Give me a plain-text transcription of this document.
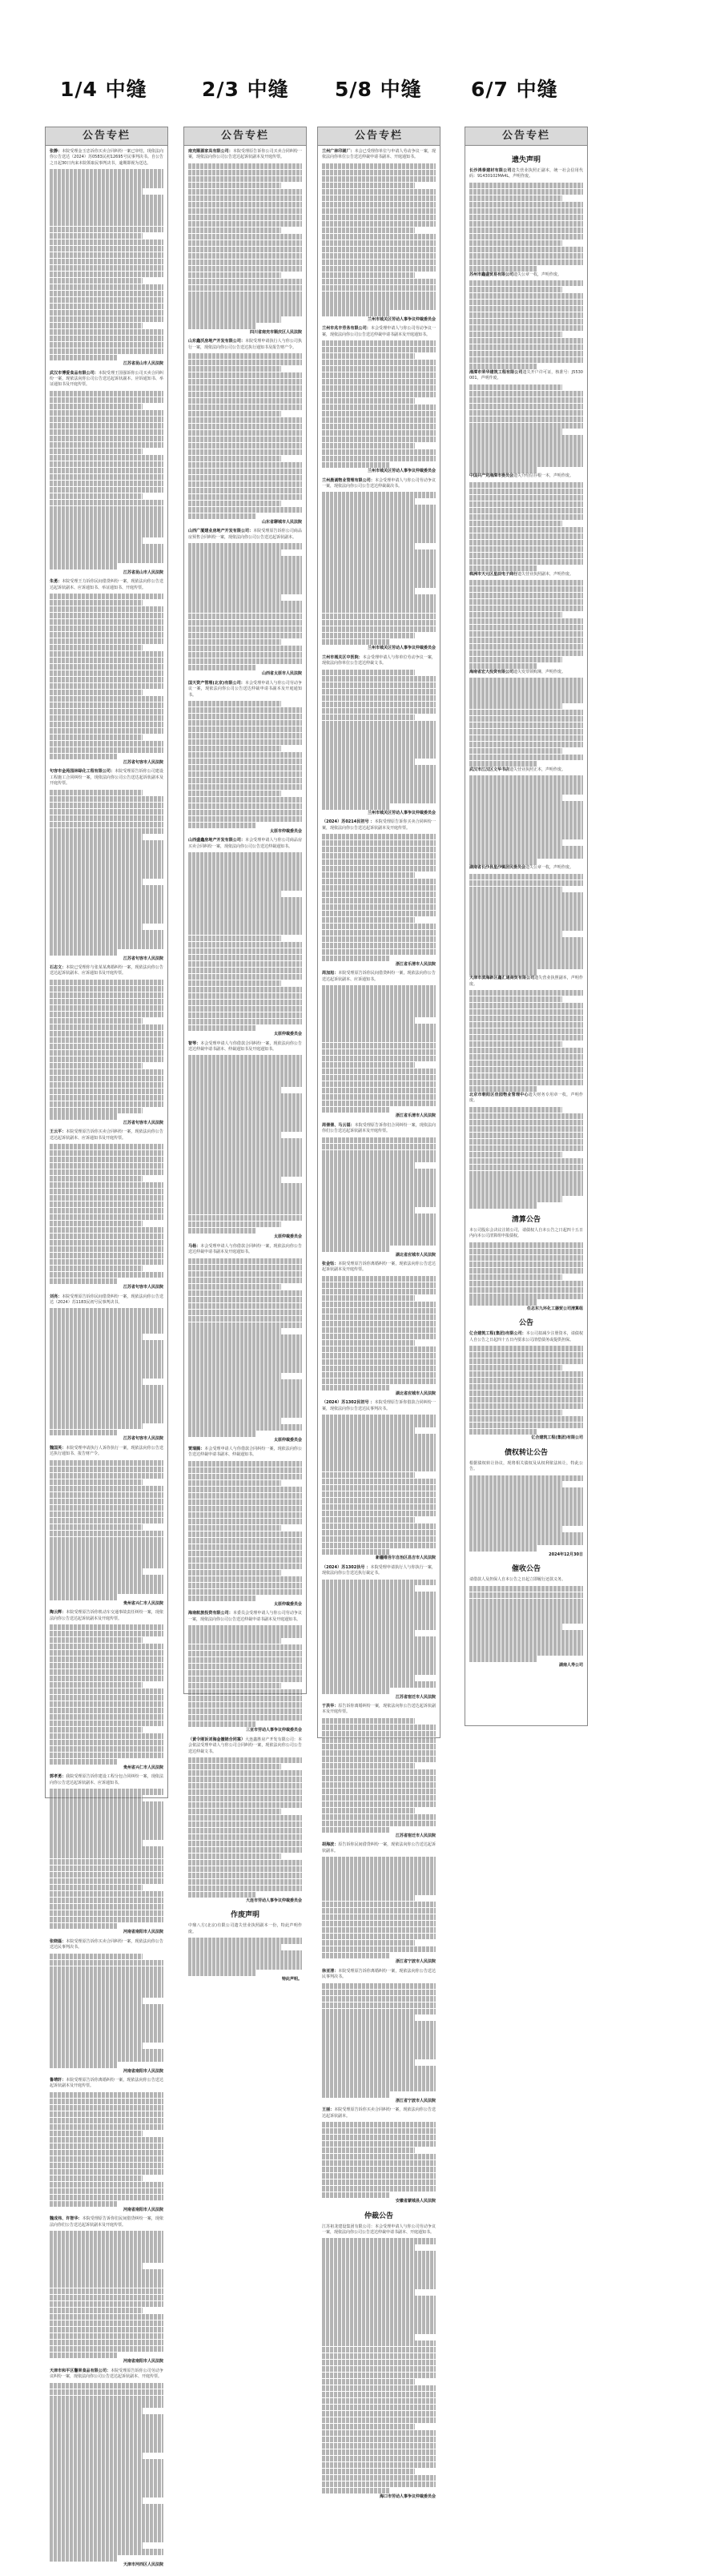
1/4 中缝	2/3 中缝 5/8 中缝 6/7 中缝
公告专栏
张静：本院受理金玉忠诉你买卖合同纠纷一案已审结，现依法向你公告送达（2024）苏0583民初12695号民事判决书。自公告之日起30日内来本院领取民事判决书，逾期即视为送达。
江苏省昆山市人民法院
武汉市博爱食品有限公司：本院受理王国强诉你公司买卖合同纠纷一案，现依法向你公司公告送达起诉状副本、应诉通知书、举证通知书及开庭传票。
江苏省昆山市人民法院
朱勇：本院受理王力诉你民间借贷纠纷一案，现依法向你公告送达起诉状副本、应诉通知书、举证通知书、开庭传票。
江苏省句容市人民法院
句容市金苑园林绿化工程有限公司：本院受理原告诉你公司建设工程施工合同纠纷一案，现依法向你公司公告送达起诉状副本及开庭传票。
江苏省句容市人民法院
石志文：本院已受理你与张某某离婚纠纷一案，现依法向你公告送达起诉状副本、应诉通知书及开庭传票。
江苏省句容市人民法院
王云平：本院受理原告诉你买卖合同纠纷一案，现依法向你公告送达起诉状副本、应诉通知书及开庭传票。
江苏省句容市人民法院
刘亮：本院受理原告诉你民间借贷纠纷一案，现依法向你公告送达（2024）苏1183民初号民事判决书。
江苏省句容市人民法院
魏国英：本院受理申请执行人诉你执行一案，现依法向你公告送达执行通知书、报告财产令。
贵州省兴仁市人民法院
陶云辉：本院受理原告诉你机动车交通事故责任纠纷一案，现依法向你公告送达起诉状副本及开庭传票。
贵州省兴仁市人民法院
郭孝勇：我院受理原告诉你建设工程分包合同纠纷一案，现依法向你公告送达起诉状副本、应诉通知书。
河南省南阳市人民法院
张晓磊：本院受理原告诉你买卖合同纠纷一案，现依法向你公告送达民事判决书。
河南省南阳市人民法院
鲁靖轩：本院受理原告诉你离婚纠纷一案，现依法向你公告送达起诉状副本及开庭传票。
河南省南阳市人民法院
魏成伟、许智华：本院受理原告诉你们民间借贷纠纷一案，现依法向你们公告送达起诉状副本及开庭传票。
河南省南阳市人民法院
天津市和平区馨果食品有限公司：本院受理原告诉你公司劳动争议纠纷一案，现依法向你公司公告送达起诉状副本、开庭传票。
天津市河西区人民法院
公告专栏
南充顺源家具有限公司：本院受理原告诉你公司买卖合同纠纷一案，现依法向你公司公告送达起诉状副本及开庭传票。
四川省南充市顺庆区人民法院
山东鑫沃房地产开发有限公司：本院受理申请执行人与你公司执行一案，现依法向你公司公告送达执行通知书及报告财产令。
山东省聊城市人民法院
山西广厦建业房地产开发有限公司：本院受理原告诉你公司商品房预售合同纠纷一案，现依法向你公司公告送达起诉状副本。
山西省太原市人民法院
国天资产管理(北京)有限公司：本会受理申请人与你公司劳动争议一案，现依法向你公司公告送达仲裁申请书副本及开庭通知书。
太原市仲裁委员会
山西盛鑫房地产开发有限公司：本会受理申请人与你公司商品房买卖合同纠纷一案，现依法向你公司公告送达仲裁通知书。
太原仲裁委员会
智琴：本会受理申请人与你借款合同纠纷一案，现依法向你公告送达仲裁申请书副本、仲裁通知书及开庭通知书。
太原仲裁委员会
马杨：本会受理申请人与你借款合同纠纷一案，现依法向你公告送达仲裁申请书副本及开庭通知书。
太原仲裁委员会
贾瑞腾：本会受理申请人与你借款合同纠纷一案，现依法向你公告送达仲裁申请书副本、仲裁通知书。
太原仲裁委员会
海南航旅投资有限公司：本委员会受理申请人与你公司劳动争议一案，现依法向你公司公告送达仲裁申请书副本及开庭通知书。
三亚市劳动人事争议仲裁委员会
（黄令刚诉刘海金撤销合同案）大连鑫胜房产开发有限公司：本会依法受理申请人与你公司合同纠纷一案，现依法向你公司公告送达仲裁文书。
大连市劳动人事争议仲裁委员会
作废声明
中鼎八方(北京)有限公司遗失营业执照副本一份，特此声明作废。
特此声明。
公告专栏
兰州广林印刷厂：本会已受理你单位与申请人劳动争议一案，现依法向你单位公告送达仲裁申请书副本、开庭通知书。
兰州市城关区劳动人事争议仲裁委员会
兰州市兆丰劳务有限公司：本会受理申请人与你公司劳动争议一案，现依法向你公司公告送达仲裁申请书副本及开庭通知书。
兰州市城关区劳动人事争议仲裁委员会
兰州晨诚物业管理有限公司：本会受理申请人与你公司劳动争议一案，现依法向你公司公告送达仲裁裁决书。
兰州市城关区劳动人事争议仲裁委员会
兰州市城关区中医院：本会受理申请人与你单位劳动争议一案，现依法向你单位公告送达仲裁文书。
兰州市城关区劳动人事争议仲裁委员会
（2024）苏0214民初号 ：本院受理原告诉你买卖合同纠纷一案，现依法向你公告送达起诉状副本及开庭传票。
浙江省乐清市人民法院
周加旭：本院受理原告诉你民间借贷纠纷一案，现依法向你公告送达起诉状副本、应诉通知书。
浙江省乐清市人民法院
周倩倩、马云福：本院受理原告诉你们合同纠纷一案，现依法向你们公告送达起诉状副本及开庭传票。
湖北省应城市人民法院
张金钰：本院受理原告诉你离婚纠纷一案，现依法向你公告送达起诉状副本及开庭传票。
湖北省应城市人民法院
（2024）苏1302民初号 ：本院受理原告诉你借款合同纠纷一案，现依法向你公告送达民事判决书。
新疆维吾尔自治区昌吉市人民法院
（2024）苏1302执号 ：本院受理申请执行人与你执行一案，现依法向你公告送达执行裁定书。
江苏省宿迁市人民法院
于洪华：原告诉你离婚纠纷一案，现依法向你公告送达起诉状副本及开庭传票。
江苏省宿迁市人民法院
胡海波：原告诉你民间借贷纠纷一案，现依法向你公告送达起诉状副本。
浙江省宁波市人民法院
徐亚清：本院受理原告诉你离婚纠纷一案，现依法向你公告送达民事判决书。
浙江省宁波市人民法院
王丽：本院受理原告诉你买卖合同纠纷一案，现依法向你公告送达起诉状副本。
安徽省蒙城县人民法院
仲裁公告
江苏祖龙建设集团有限公司：本会受理申请人与你公司劳动争议一案，现依法向你公司公告送达仲裁申请书副本、开庭通知书。
海口市劳动人事争议仲裁委员会
公告专栏
遗失声明
长沙鸿泰建材有限公司遗失营业执照正副本，统一社会信用代码：91430102MA4L，声明作废。
苏州市鑫盛贸易有限公司遗失公章一枚，声明作废。
湘潭市荣华建筑工程有限公司遗失开户许可证，核准号：J5530001，声明作废。
中国共产党湘潭市委员会遗失介绍信存根一本，声明作废。
株洲市天元区星辰电子商行遗失营业执照副本，声明作废。
海南省宏大投资有限公司遗失发票领购簿，声明作废。
武汉市江汉区文华书店遗失营业执照正本，声明作废。
湖南省长沙县星沙镇居民委员会遗失公章一枚，声明作废。
天津市滨海新区鑫汇通商贸有限公司遗失营业执照副本，声明作废。
北京市朝阳区佳园物业管理中心遗失财务专用章一枚，声明作废。
清算公告
本公司股东会决议注销公司，请债权人自本公告之日起四十五日内向本公司清算组申报债权。
任志东九环化工器贸公司清算组
公告
亿合建筑工程(集团)有限公司：本公司拟减少注册资本，请债权人自公告之日起四十五日内要求公司清偿债务或提供担保。
亿合建筑工程(集团)有限公司
债权转让公告
根据债权转让协议，现将相关债权及从权利依法转让，特此公告。
2024年12月30日
催收公告
请借款人及担保人自本公告之日起立即履行还款义务。
湖南人寿公司
